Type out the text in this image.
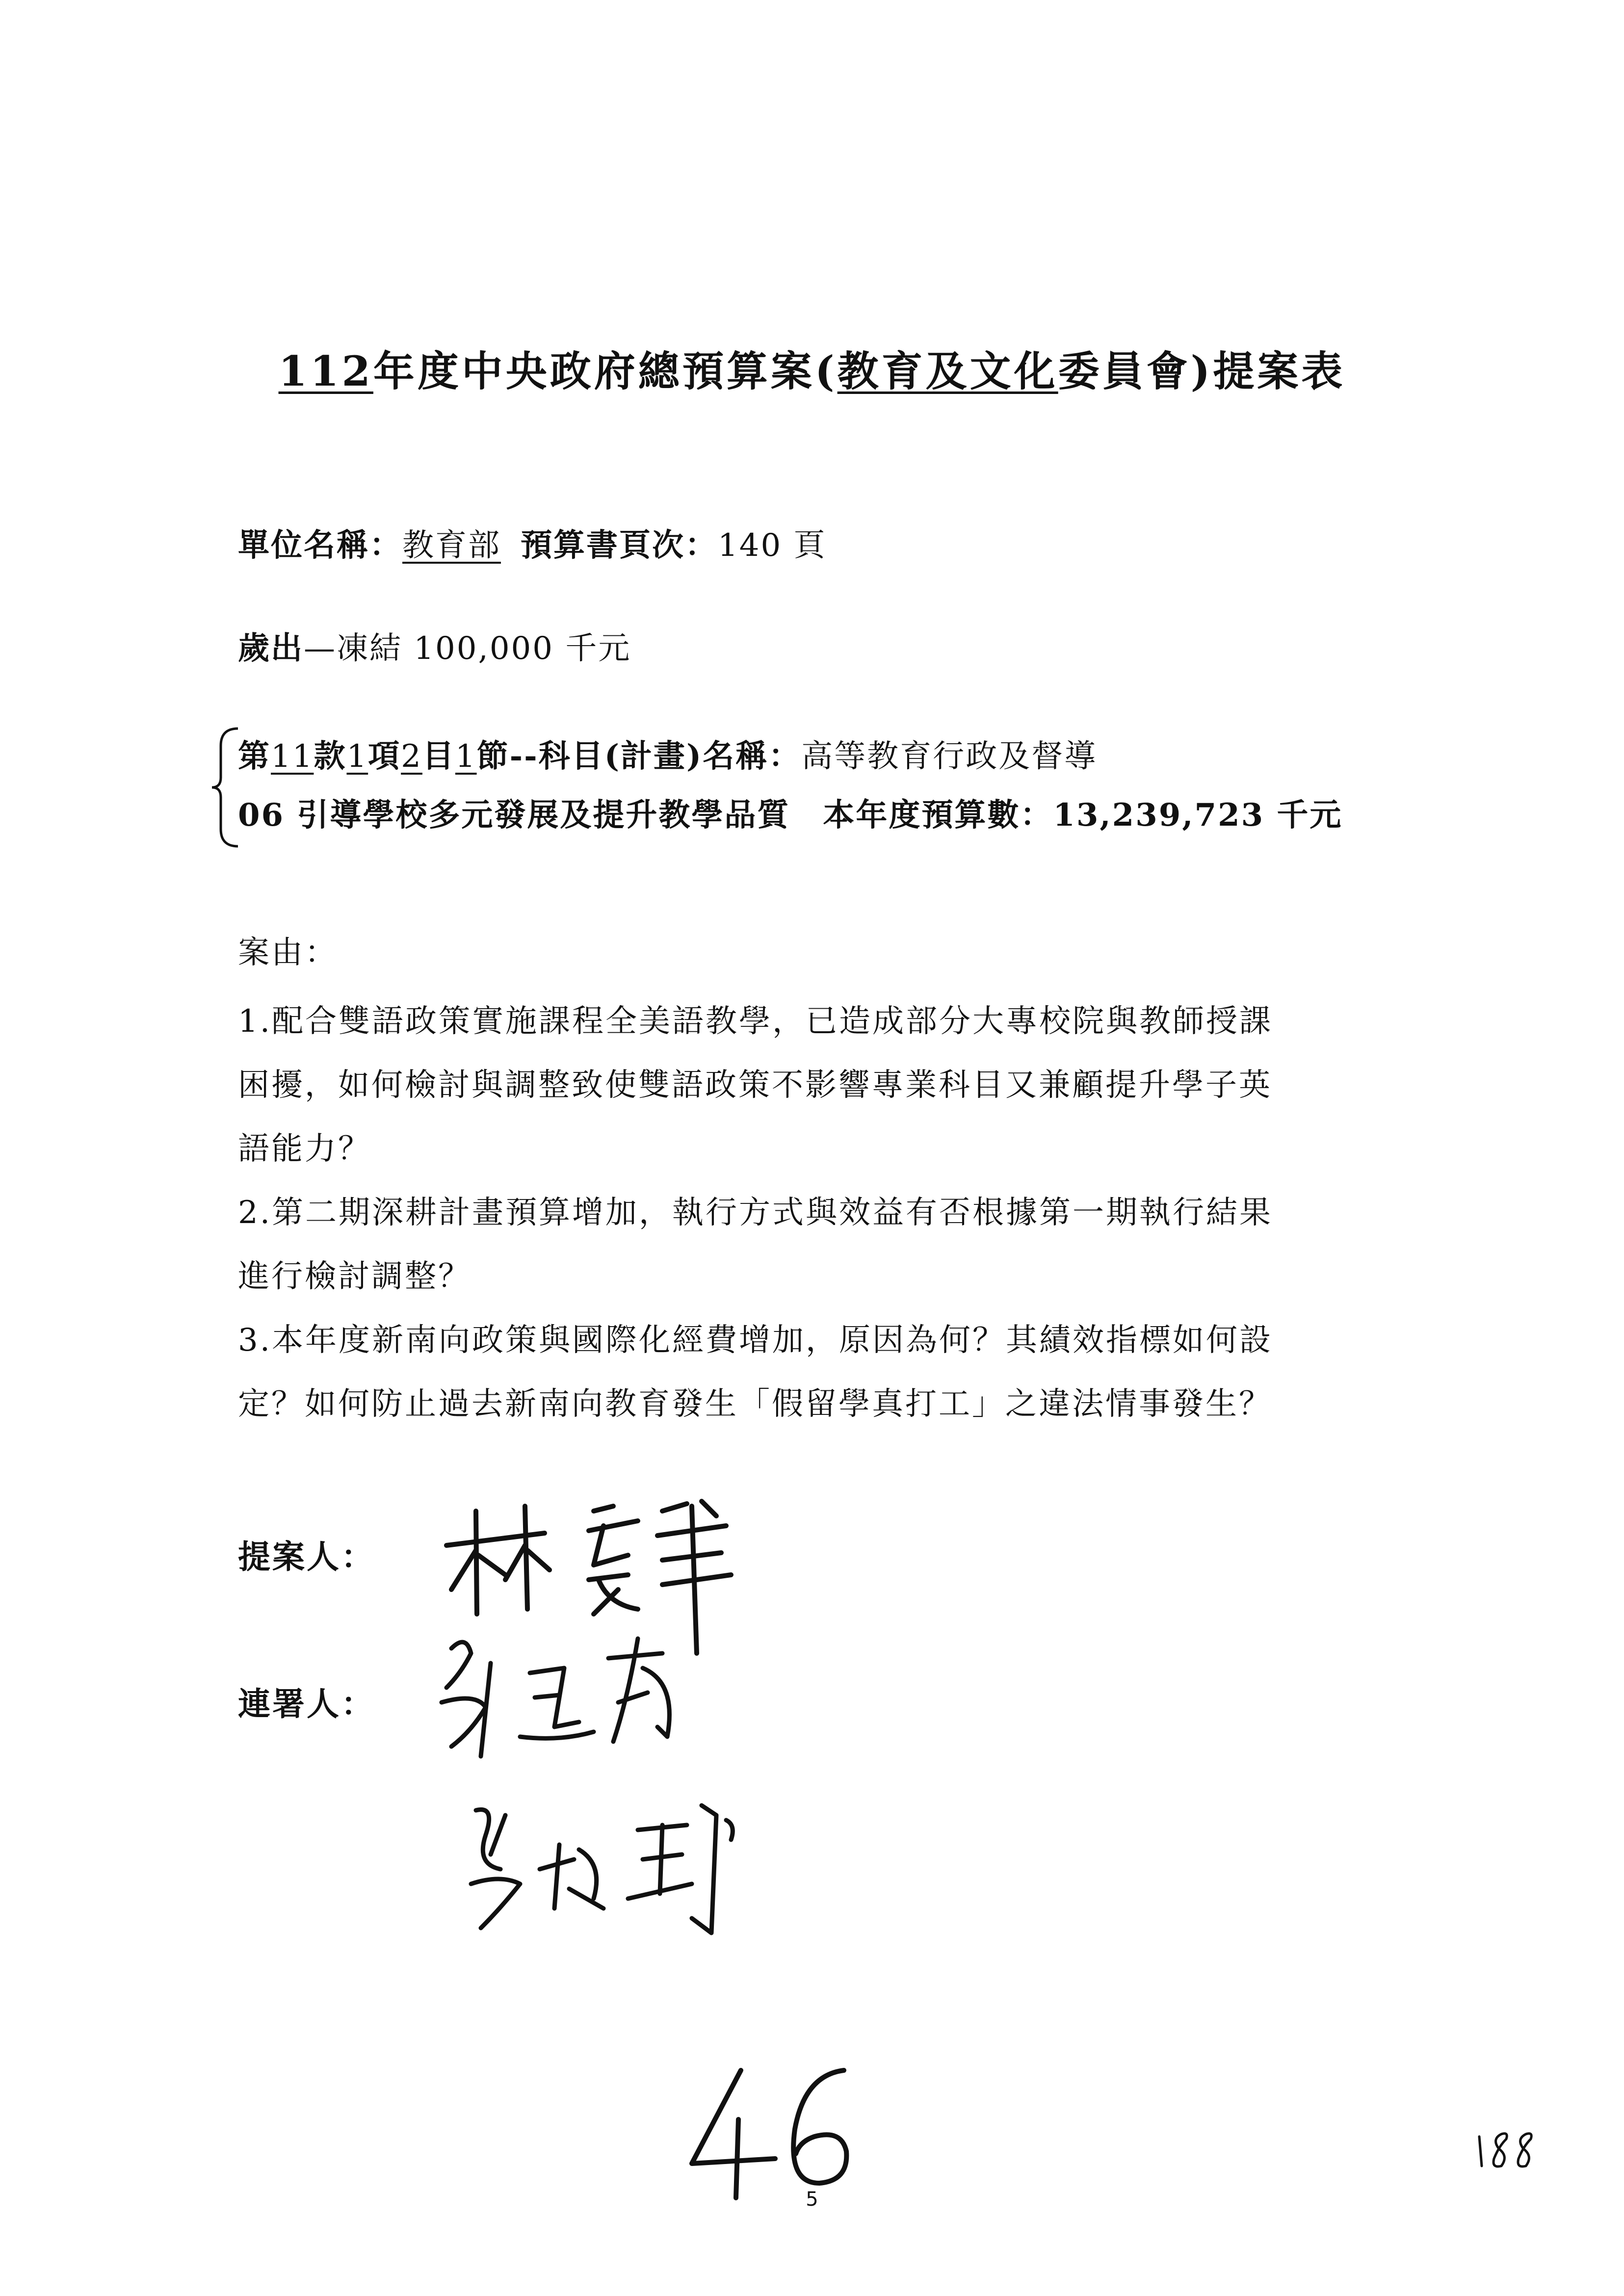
112年度中央政府總預算案(教育及文化委員會)提案表
單位名稱：教育部 預算書頁次：140 頁
歲出—凍結 100,000 千元
第11款1項2目1節--科目(計畫)名稱：高等教育行政及督導
06 引導學校多元發展及提升教學品質　本年度預算數：13,239,723 千元
案由：
1.配合雙語政策實施課程全美語教學，已造成部分大專校院與教師授課
困擾，如何檢討與調整致使雙語政策不影響專業科目又兼顧提升學子英
語能力？
2.第二期深耕計畫預算增加，執行方式與效益有否根據第一期執行結果
進行檢討調整？
3.本年度新南向政策與國際化經費增加，原因為何？其績效指標如何設
定？如何防止過去新南向教育發生「假留學真打工」之違法情事發生？
提案人：
連署人：
5
